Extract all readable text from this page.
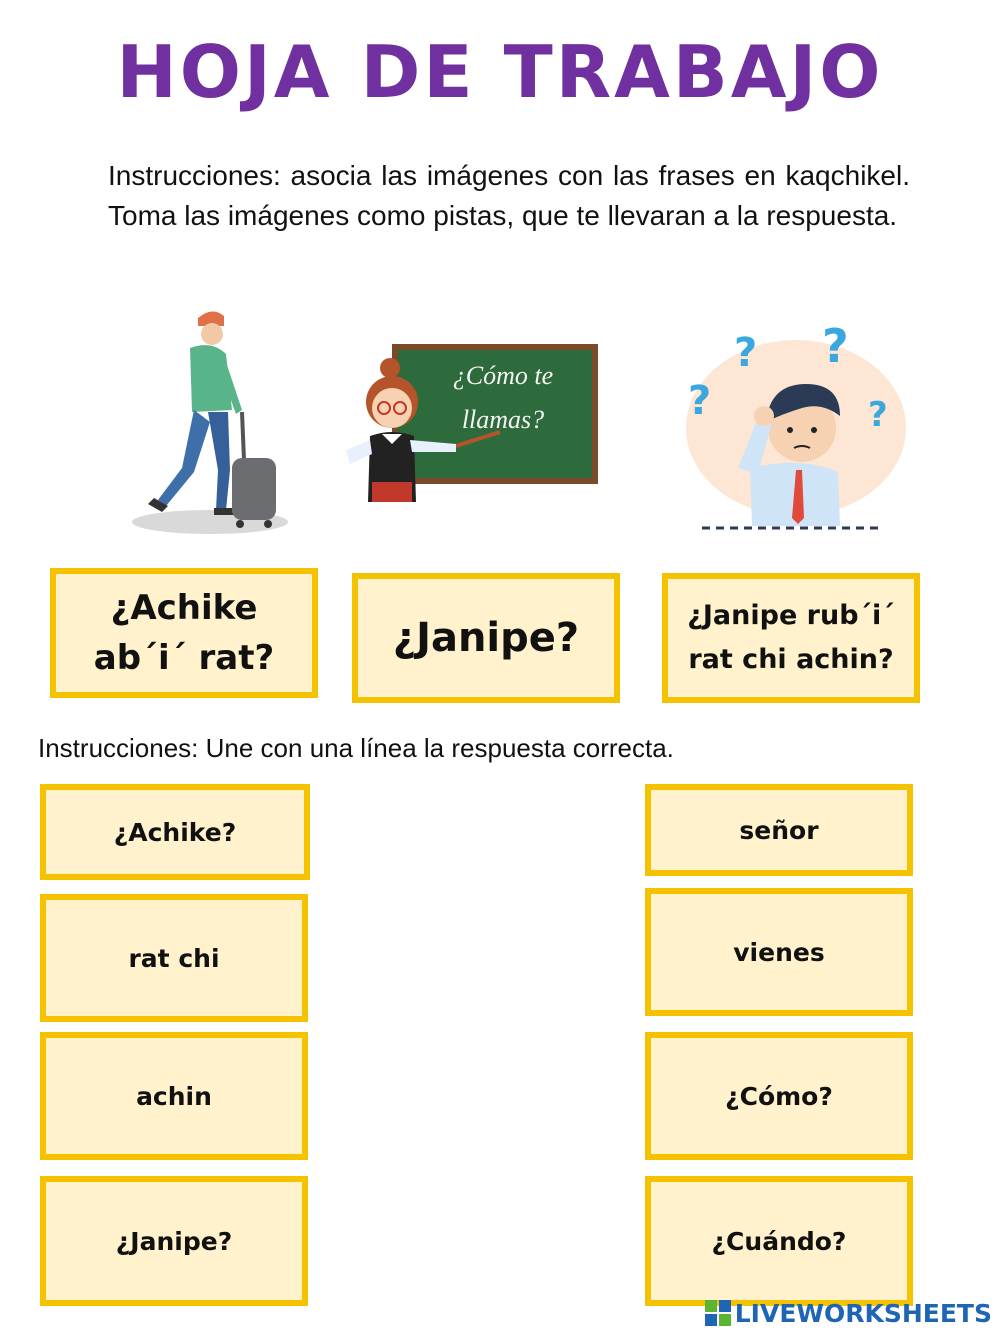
HOJA DE TRABAJO
Instrucciones: asocia las imágenes con las frases en kaqchikel. Toma las imágenes como pistas, que te llevaran a la respuesta.
¿Cómo te
llamas?
? ?
?	?
¿Achike
ab´i´ rat?	¿Janipe?	¿Janipe rub´i´
rat chi achin?
Instrucciones: Une con una línea la respuesta correcta.
¿Achike?
rat chi
achin
¿Janipe?
señor
vienes
¿Cómo?
¿Cuándo?
LIVEWORKSHEETS
